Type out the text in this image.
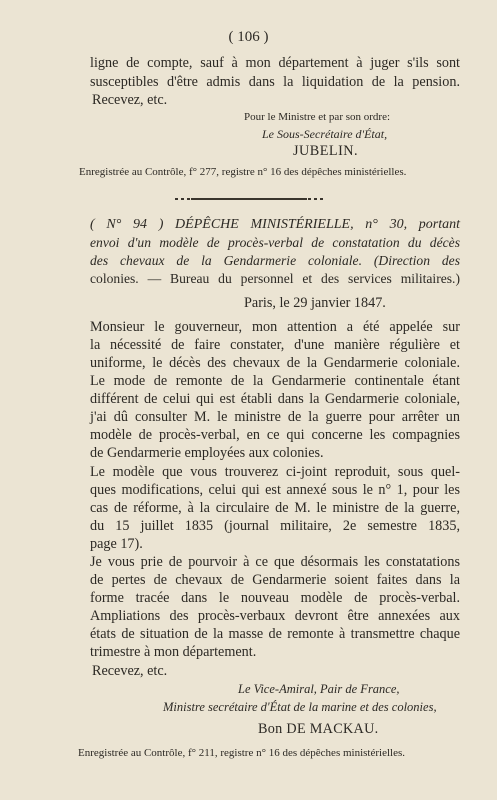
( 106 )
ligne de compte, sauf à mon département à juger s'ils sont
susceptibles d'être admis dans la liquidation de la pension.
Recevez, etc.
Pour le Ministre et par son ordre:
Le Sous-Secrétaire d'État,
JUBELIN.
Enregistrée au Contrôle, f° 277, registre n° 16 des dépêches ministérielles.
( N° 94 ) DÉPÊCHE MINISTÉRIELLE, n° 30, portant
envoi d'un modèle de procès-verbal de constatation du décès
des chevaux de la Gendarmerie coloniale. (Direction des
colonies. — Bureau du personnel et des services militaires.)
Paris, le 29 janvier 1847.
Monsieur le gouverneur, mon attention a été appelée sur
la nécessité de faire constater, d'une manière régulière et
uniforme, le décès des chevaux de la Gendarmerie coloniale.
Le mode de remonte de la Gendarmerie continentale étant
différent de celui qui est établi dans la Gendarmerie coloniale,
j'ai dû consulter M. le ministre de la guerre pour arrêter un
modèle de procès-verbal, en ce qui concerne les compagnies
de Gendarmerie employées aux colonies.
Le modèle que vous trouverez ci-joint reproduit, sous quel-
ques modifications, celui qui est annexé sous le n° 1, pour les
cas de réforme, à la circulaire de M. le ministre de la guerre,
du 15 juillet 1835 (journal militaire, 2e semestre 1835,
page 17).
Je vous prie de pourvoir à ce que désormais les constatations
de pertes de chevaux de Gendarmerie soient faites dans la
forme tracée dans le nouveau modèle de procès-verbal.
Ampliations des procès-verbaux devront être annexées aux
états de situation de la masse de remonte à transmettre chaque
trimestre à mon département.
Recevez, etc.
Le Vice-Amiral, Pair de France,
Ministre secrétaire d'État de la marine et des colonies,
Bon DE MACKAU.
Enregistrée au Contrôle, f° 211, registre n° 16 des dépêches ministérielles.
